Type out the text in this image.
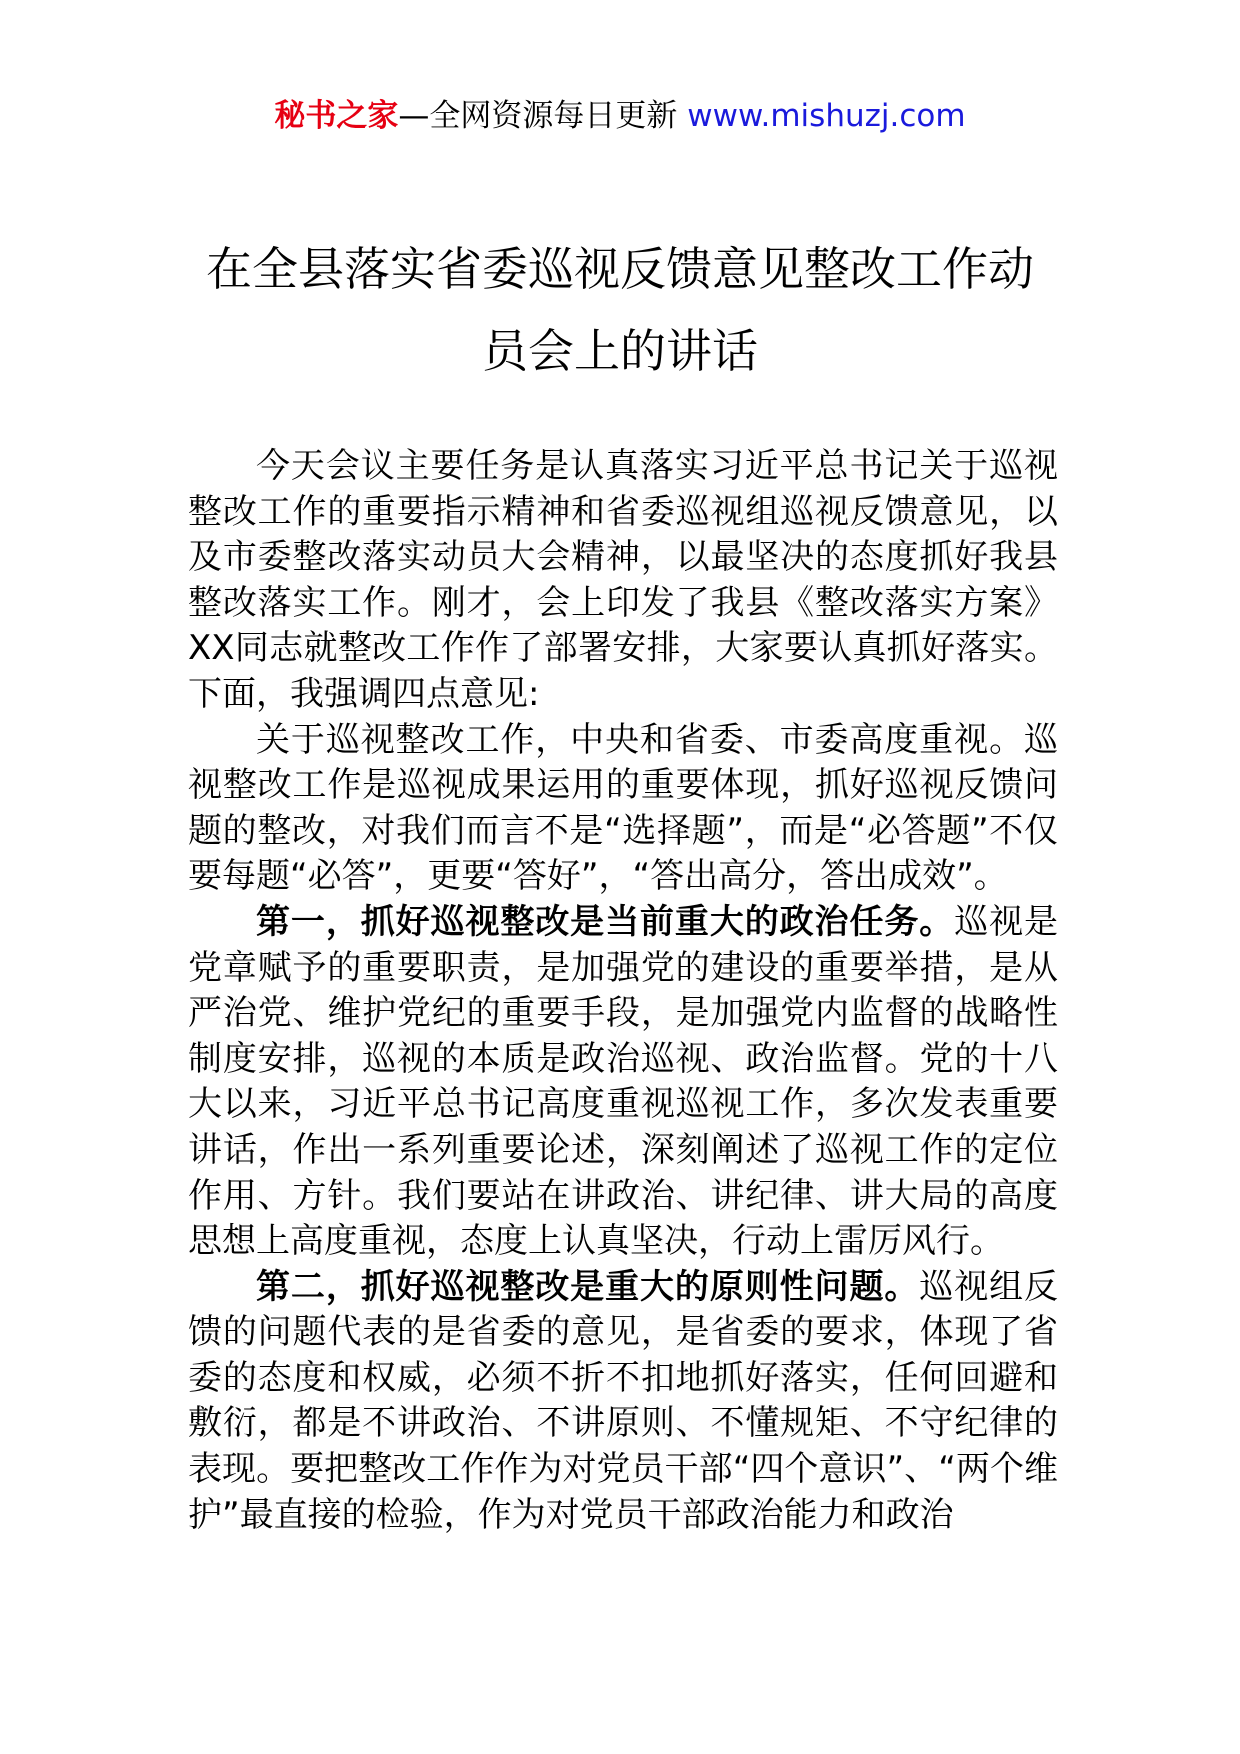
秘书之家—全网资源每日更新 www.mishuzj.com
在全县落实省委巡视反馈意见整改工作动
员会上的讲话

今天会议主要任务是认真落实习近平总书记关于巡视整改工作的重要指示精神和省委巡视组巡视反馈意见，以及市委整改落实动员大会精神，以最坚决的态度抓好我县整改落实工作。刚才，会上印发了我县《整改落实方案》XX同志就整改工作作了部署安排，大家要认真抓好落实。下面，我强调四点意见:

关于巡视整改工作，中央和省委、市委高度重视。巡视整改工作是巡视成果运用的重要体现，抓好巡视反馈问题的整改，对我们而言不是“选择题”，而是“必答题”不仅要每题“必答”，更要“答好”，“答出高分，答出成效”。

第一，抓好巡视整改是当前重大的政治任务。巡视是党章赋予的重要职责，是加强党的建设的重要举措，是从严治党、维护党纪的重要手段，是加强党内监督的战略性制度安排，巡视的本质是政治巡视、政治监督。党的十八大以来，习近平总书记高度重视巡视工作，多次发表重要讲话，作出一系列重要论述，深刻阐述了巡视工作的定位作用、方针。我们要站在讲政治、讲纪律、讲大局的高度思想上高度重视，态度上认真坚决，行动上雷厉风行。

第二，抓好巡视整改是重大的原则性问题。巡视组反馈的问题代表的是省委的意见，是省委的要求，体现了省委的态度和权威，必须不折不扣地抓好落实，任何回避和敷衍，都是不讲政治、不讲原则、不懂规矩、不守纪律的表现。要把整改工作作为对党员干部“四个意识”、“两个维护”最直接的检验，作为对党员干部政治能力和政治
